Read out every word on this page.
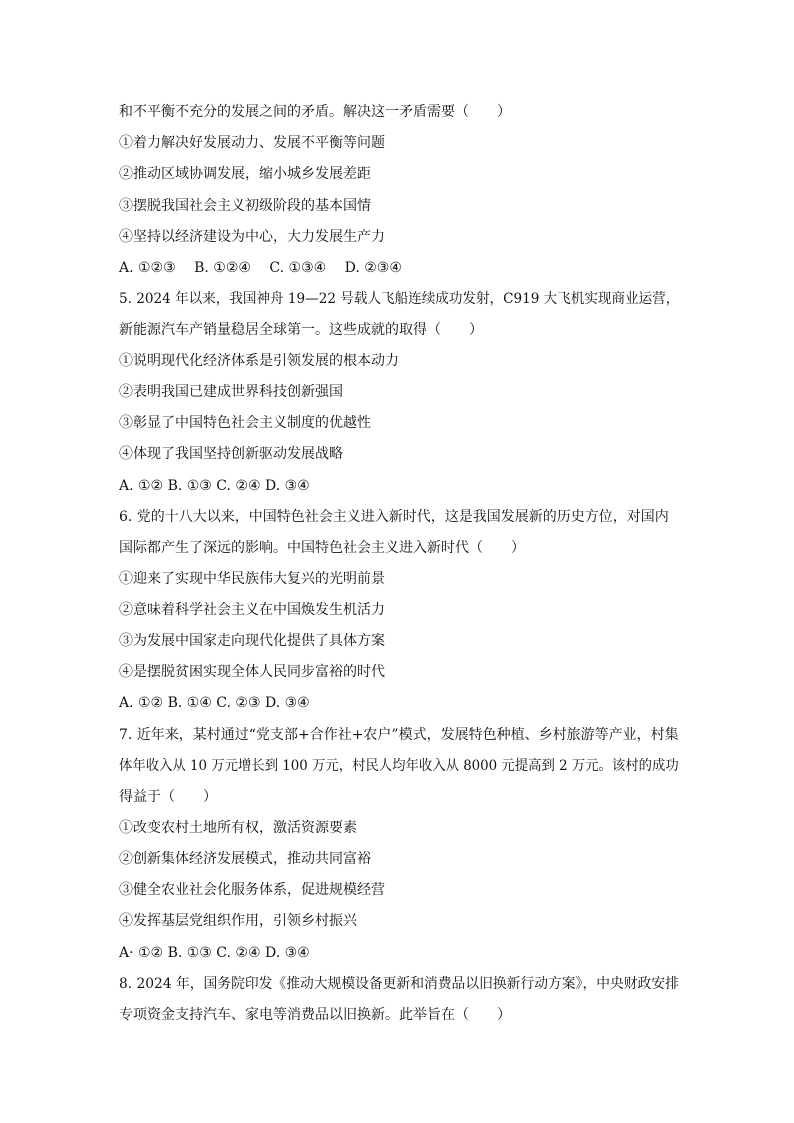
和不平衡不充分的发展之间的矛盾。解决这一矛盾需要（　　）

①着力解决好发展动力、发展不平衡等问题

②推动区域协调发展，缩小城乡发展差距

③摆脱我国社会主义初级阶段的基本国情

④坚持以经济建设为中心，大力发展生产力

A. ①②③　 B. ①②④　 C. ①③④　 D. ②③④

5. 2024 年以来，我国神舟 19—22 号载人飞船连续成功发射，C919 大飞机实现商业运营，

新能源汽车产销量稳居全球第一。这些成就的取得（　　）

①说明现代化经济体系是引领发展的根本动力

②表明我国已建成世界科技创新强国

③彰显了中国特色社会主义制度的优越性

④体现了我国坚持创新驱动发展战略

A. ①② B. ①③ C. ②④ D. ③④

6. 党的十八大以来，中国特色社会主义进入新时代，这是我国发展新的历史方位，对国内

国际都产生了深远的影响。中国特色社会主义进入新时代（　　）

①迎来了实现中华民族伟大复兴的光明前景

②意味着科学社会主义在中国焕发生机活力

③为发展中国家走向现代化提供了具体方案

④是摆脱贫困实现全体人民同步富裕的时代

A. ①② B. ①④ C. ②③ D. ③④

7. 近年来，某村通过“党支部+合作社+农户”模式，发展特色种植、乡村旅游等产业，村集

体年收入从 10 万元增长到 100 万元，村民人均年收入从 8000 元提高到 2 万元。该村的成功

得益于（　　）

①改变农村土地所有权，激活资源要素

②创新集体经济发展模式，推动共同富裕

③健全农业社会化服务体系，促进规模经营

④发挥基层党组织作用，引领乡村振兴

A· ①② B. ①③ C. ②④ D. ③④

8. 2024 年，国务院印发《推动大规模设备更新和消费品以旧换新行动方案》，中央财政安排

专项资金支持汽车、家电等消费品以旧换新。此举旨在（　　）
